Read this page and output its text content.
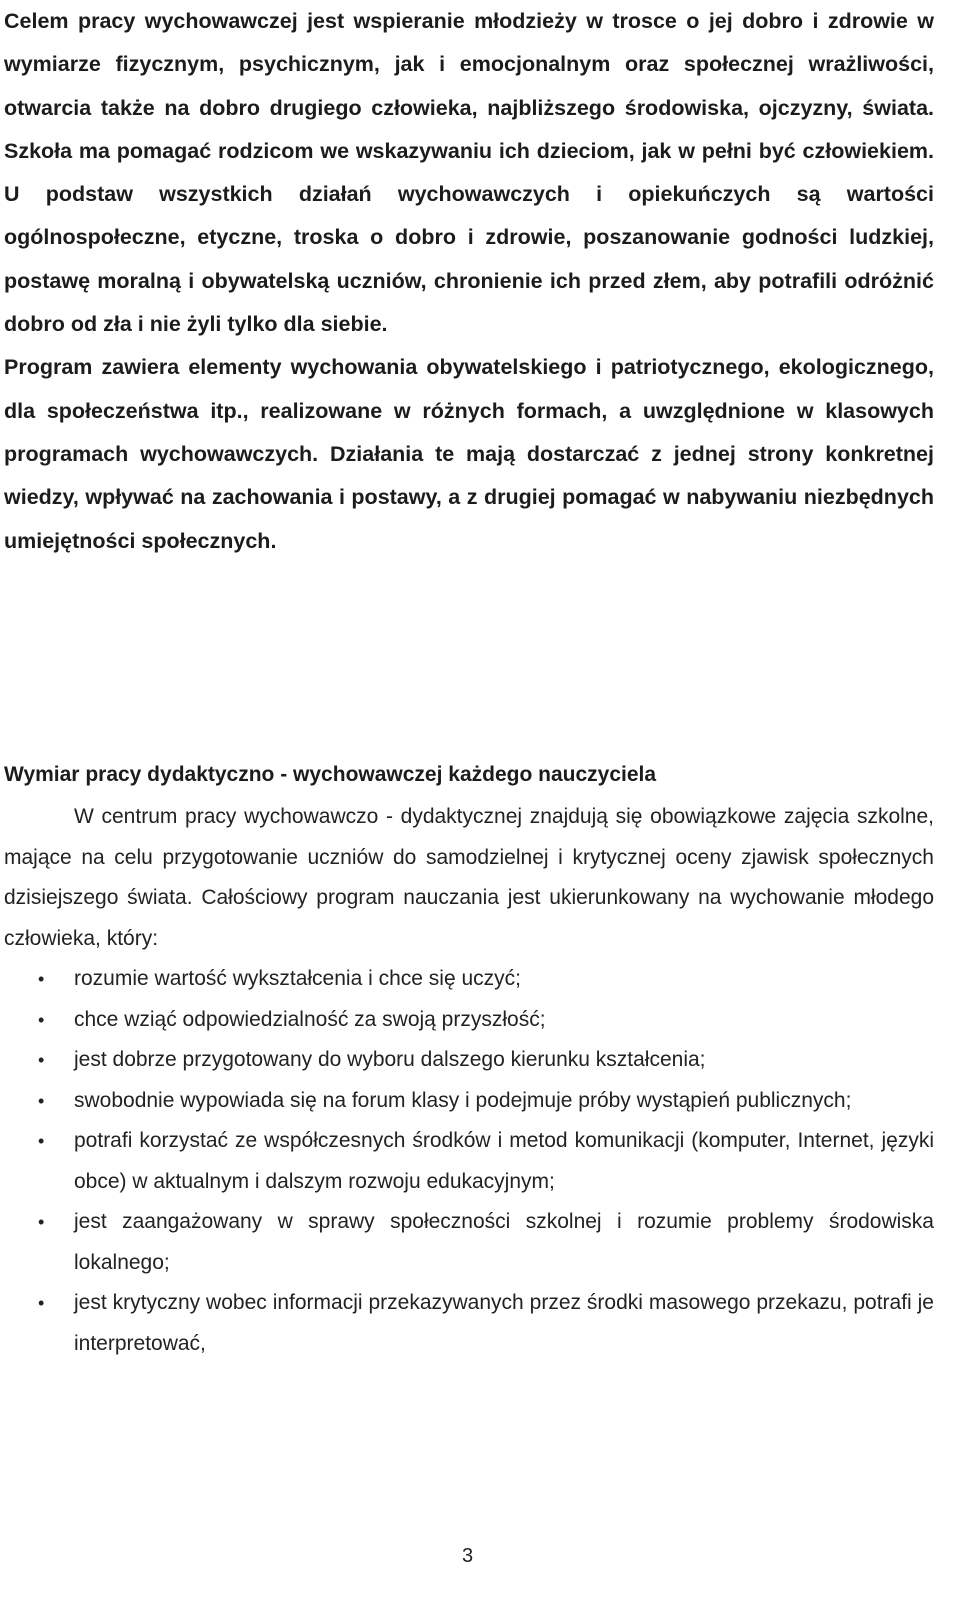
Celem pracy wychowawczej jest wspieranie młodzieży w trosce o jej dobro i zdrowie w wymiarze fizycznym, psychicznym, jak i emocjonalnym oraz społecznej wrażliwości, otwarcia także na dobro drugiego człowieka, najbliższego środowiska, ojczyzny, świata. Szkoła ma pomagać rodzicom we wskazywaniu ich dzieciom, jak w pełni być człowiekiem. U podstaw wszystkich działań wychowawczych i opiekuńczych są wartości ogólnospołeczne, etyczne, troska o dobro i zdrowie, poszanowanie godności ludzkiej, postawę moralną i obywatelską uczniów, chronienie ich przed złem, aby potrafili odróżnić dobro od zła i nie żyli tylko dla siebie.

Program zawiera elementy wychowania obywatelskiego i patriotycznego, ekologicznego, dla społeczeństwa itp., realizowane w różnych formach, a uwzględnione w klasowych programach wychowawczych. Działania te mają dostarczać z jednej strony konkretnej wiedzy, wpływać na zachowania i postawy, a z drugiej pomagać w nabywaniu niezbędnych umiejętności społecznych.

Wymiar pracy dydaktyczno - wychowawczej każdego nauczyciela

W centrum pracy wychowawczo - dydaktycznej znajdują się obowiązkowe zajęcia szkolne, mające na celu przygotowanie uczniów do samodzielnej i krytycznej oceny zjawisk społecznych dzisiejszego świata. Całościowy program nauczania jest ukierunkowany na wychowanie młodego człowieka, który:

• rozumie wartość wykształcenia i chce się uczyć;
• chce wziąć odpowiedzialność za swoją przyszłość;
• jest dobrze przygotowany do wyboru dalszego kierunku kształcenia;
• swobodnie wypowiada się na forum klasy i podejmuje próby wystąpień publicznych;
• potrafi korzystać ze współczesnych środków i metod komunikacji (komputer, Internet, języki obce) w aktualnym i dalszym rozwoju edukacyjnym;
• jest zaangażowany w sprawy społeczności szkolnej i rozumie problemy środowiska lokalnego;
• jest krytyczny wobec informacji przekazywanych przez środki masowego przekazu, potrafi je interpretować,
3
